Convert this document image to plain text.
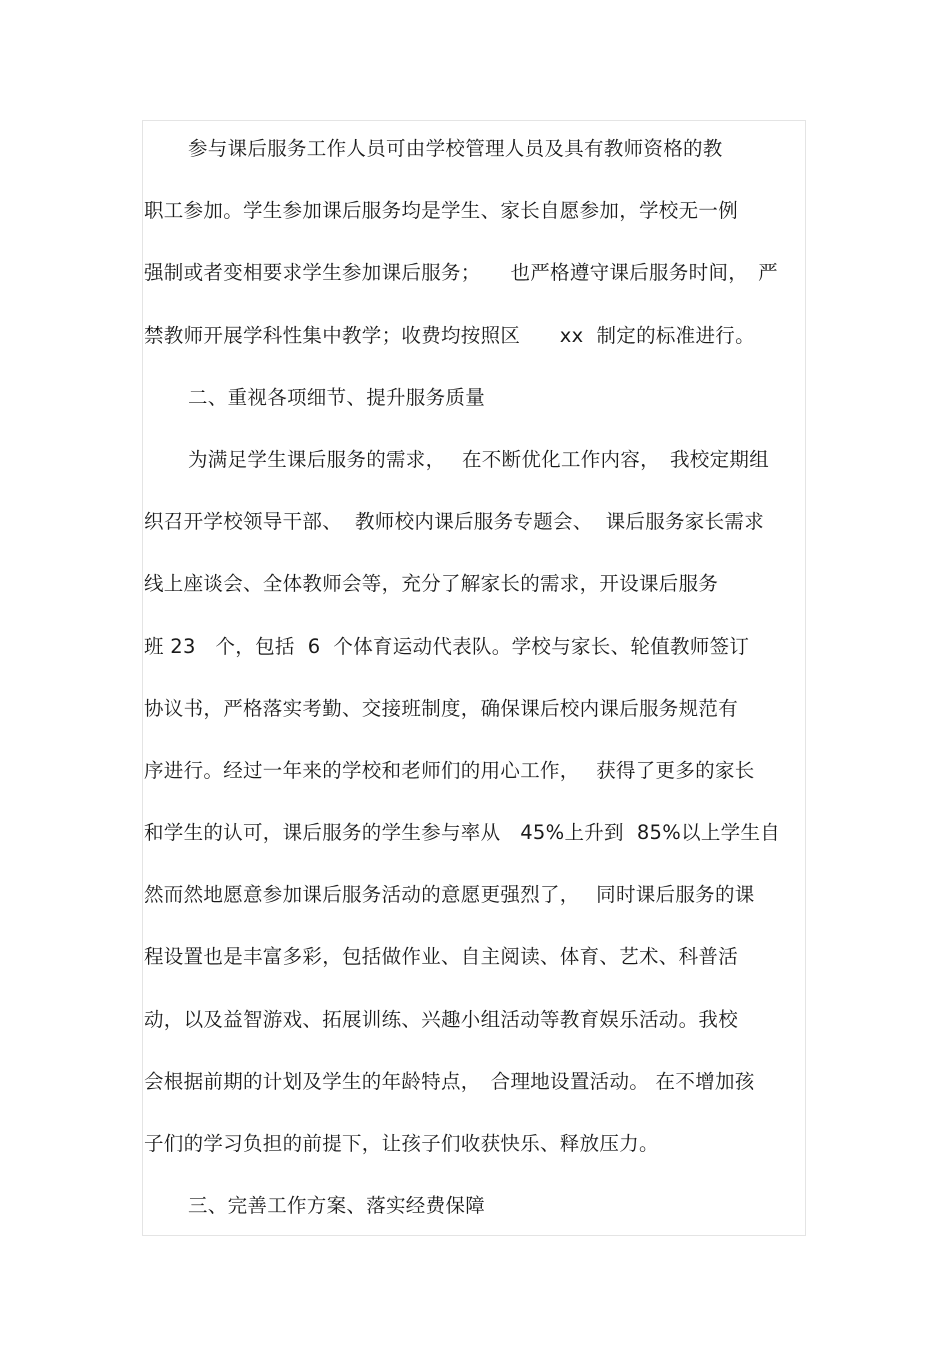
参与课后服务工作人员可由学校管理人员及具有教师资格的教
职工参加。学生参加课后服务均是学生、家长自愿参加，学校无一例
强制或者变相要求学生参加课后服务；　　也严格遵守课后服务时间，　严
禁教师开展学科性集中教学；收费均按照区　　xx  制定的标准进行。
二、重视各项细节、提升服务质量
为满足学生课后服务的需求，　 在不断优化工作内容，　我校定期组
织召开学校领导干部、  教师校内课后服务专题会、  课后服务家长需求
线上座谈会、全体教师会等，充分了解家长的需求，开设课后服务
班 23　个，包括  6  个体育运动代表队。学校与家长、轮值教师签订
协议书，严格落实考勤、交接班制度，确保课后校内课后服务规范有
序进行。经过一年来的学校和老师们的用心工作，　 获得了更多的家长
和学生的认可，课后服务的学生参与率从　45%上升到  85%以上学生自
然而然地愿意参加课后服务活动的意愿更强烈了，　 同时课后服务的课
程设置也是丰富多彩，包括做作业、自主阅读、体育、艺术、科普活
动，以及益智游戏、拓展训练、兴趣小组活动等教育娱乐活动。我校
会根据前期的计划及学生的年龄特点，　合理地设置活动。 在不增加孩
子们的学习负担的前提下，让孩子们收获快乐、释放压力。
三、完善工作方案、落实经费保障
